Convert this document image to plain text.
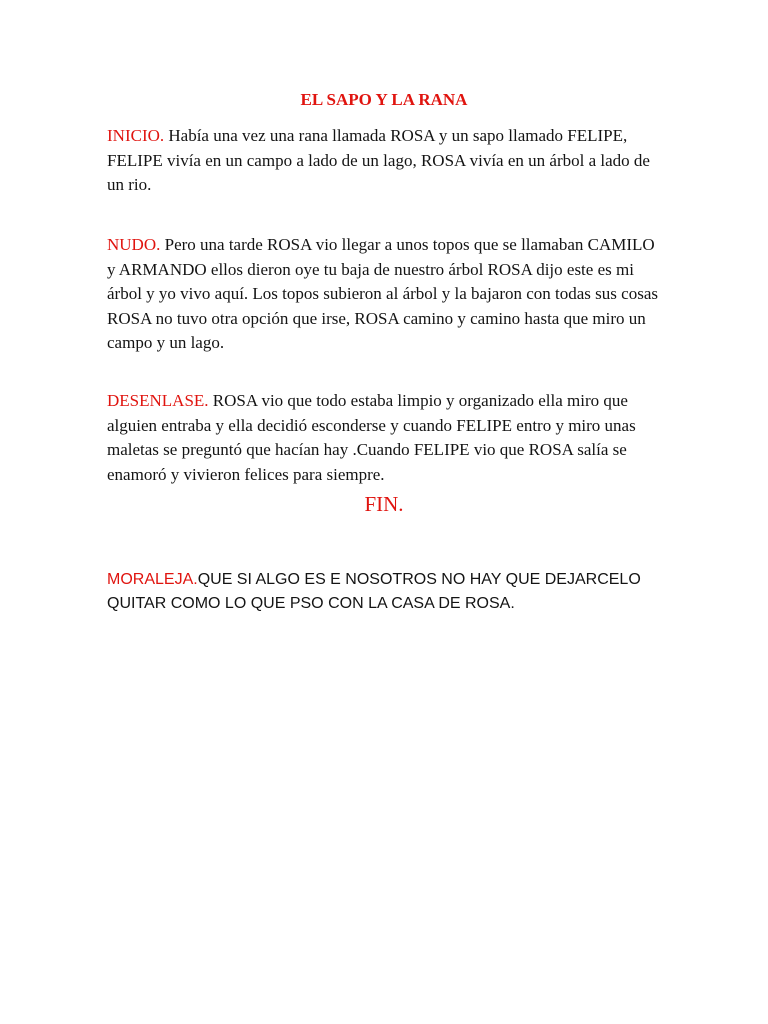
EL SAPO Y LA RANA

INICIO. Había una vez una rana llamada ROSA y un sapo llamado FELIPE, FELIPE vivía en un campo a lado de un lago, ROSA vivía en un árbol a lado de un rio.

NUDO. Pero una tarde ROSA vio llegar a unos topos que se llamaban CAMILO y ARMANDO ellos dieron oye tu baja de nuestro árbol ROSA dijo este es mi árbol y yo vivo aquí. Los topos subieron al árbol y la bajaron con todas sus cosas ROSA no tuvo otra opción que irse, ROSA camino y camino hasta que miro un campo y un lago.

DESENLASE. ROSA vio que todo estaba limpio y organizado ella miro que alguien entraba y ella decidió esconderse y cuando FELIPE entro y miro unas maletas se preguntó que hacían hay .Cuando FELIPE vio que ROSA salía se enamoró y vivieron felices para siempre.

FIN.

MORALEJA.QUE SI ALGO ES E NOSOTROS NO HAY QUE DEJARCELO QUITAR COMO LO QUE PSO CON LA CASA DE ROSA.
